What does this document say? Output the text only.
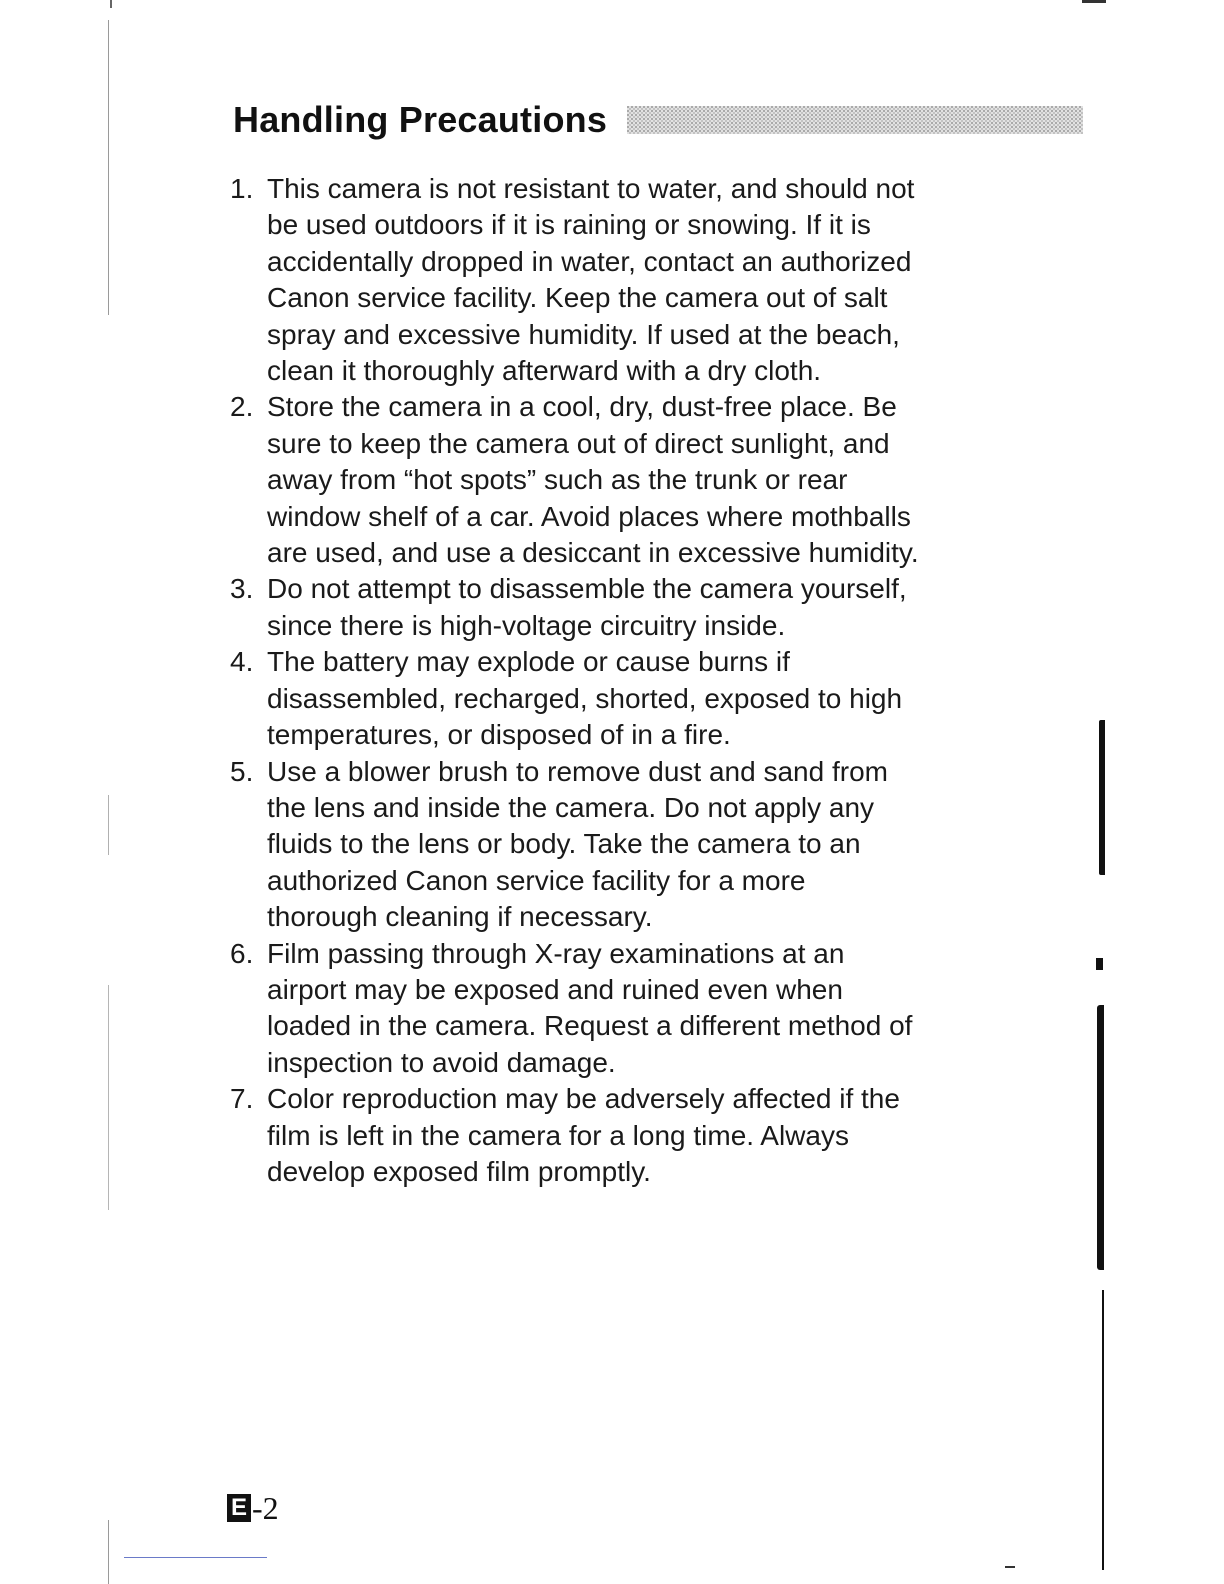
Handling Precautions
1. This camera is not resistant to water, and should not
be used outdoors if it is raining or snowing. If it is
accidentally dropped in water, contact an authorized
Canon service facility. Keep the camera out of salt
spray and excessive humidity. If used at the beach,
clean it thoroughly afterward with a dry cloth.
2. Store the camera in a cool, dry, dust-free place. Be
sure to keep the camera out of direct sunlight, and
away from “hot spots” such as the trunk or rear
window shelf of a car. Avoid places where mothballs
are used, and use a desiccant in excessive humidity.
3. Do not attempt to disassemble the camera yourself,
since there is high-voltage circuitry inside.
4. The battery may explode or cause burns if
disassembled, recharged, shorted, exposed to high
temperatures, or disposed of in a fire.
5. Use a blower brush to remove dust and sand from
the lens and inside the camera. Do not apply any
fluids to the lens or body. Take the camera to an
authorized Canon service facility for a more
thorough cleaning if necessary.
6. Film passing through X-ray examinations at an
airport may be exposed and ruined even when
loaded in the camera. Request a different method of
inspection to avoid damage.
7. Color reproduction may be adversely affected if the
film is left in the camera for a long time. Always
develop exposed film promptly.
E -2
